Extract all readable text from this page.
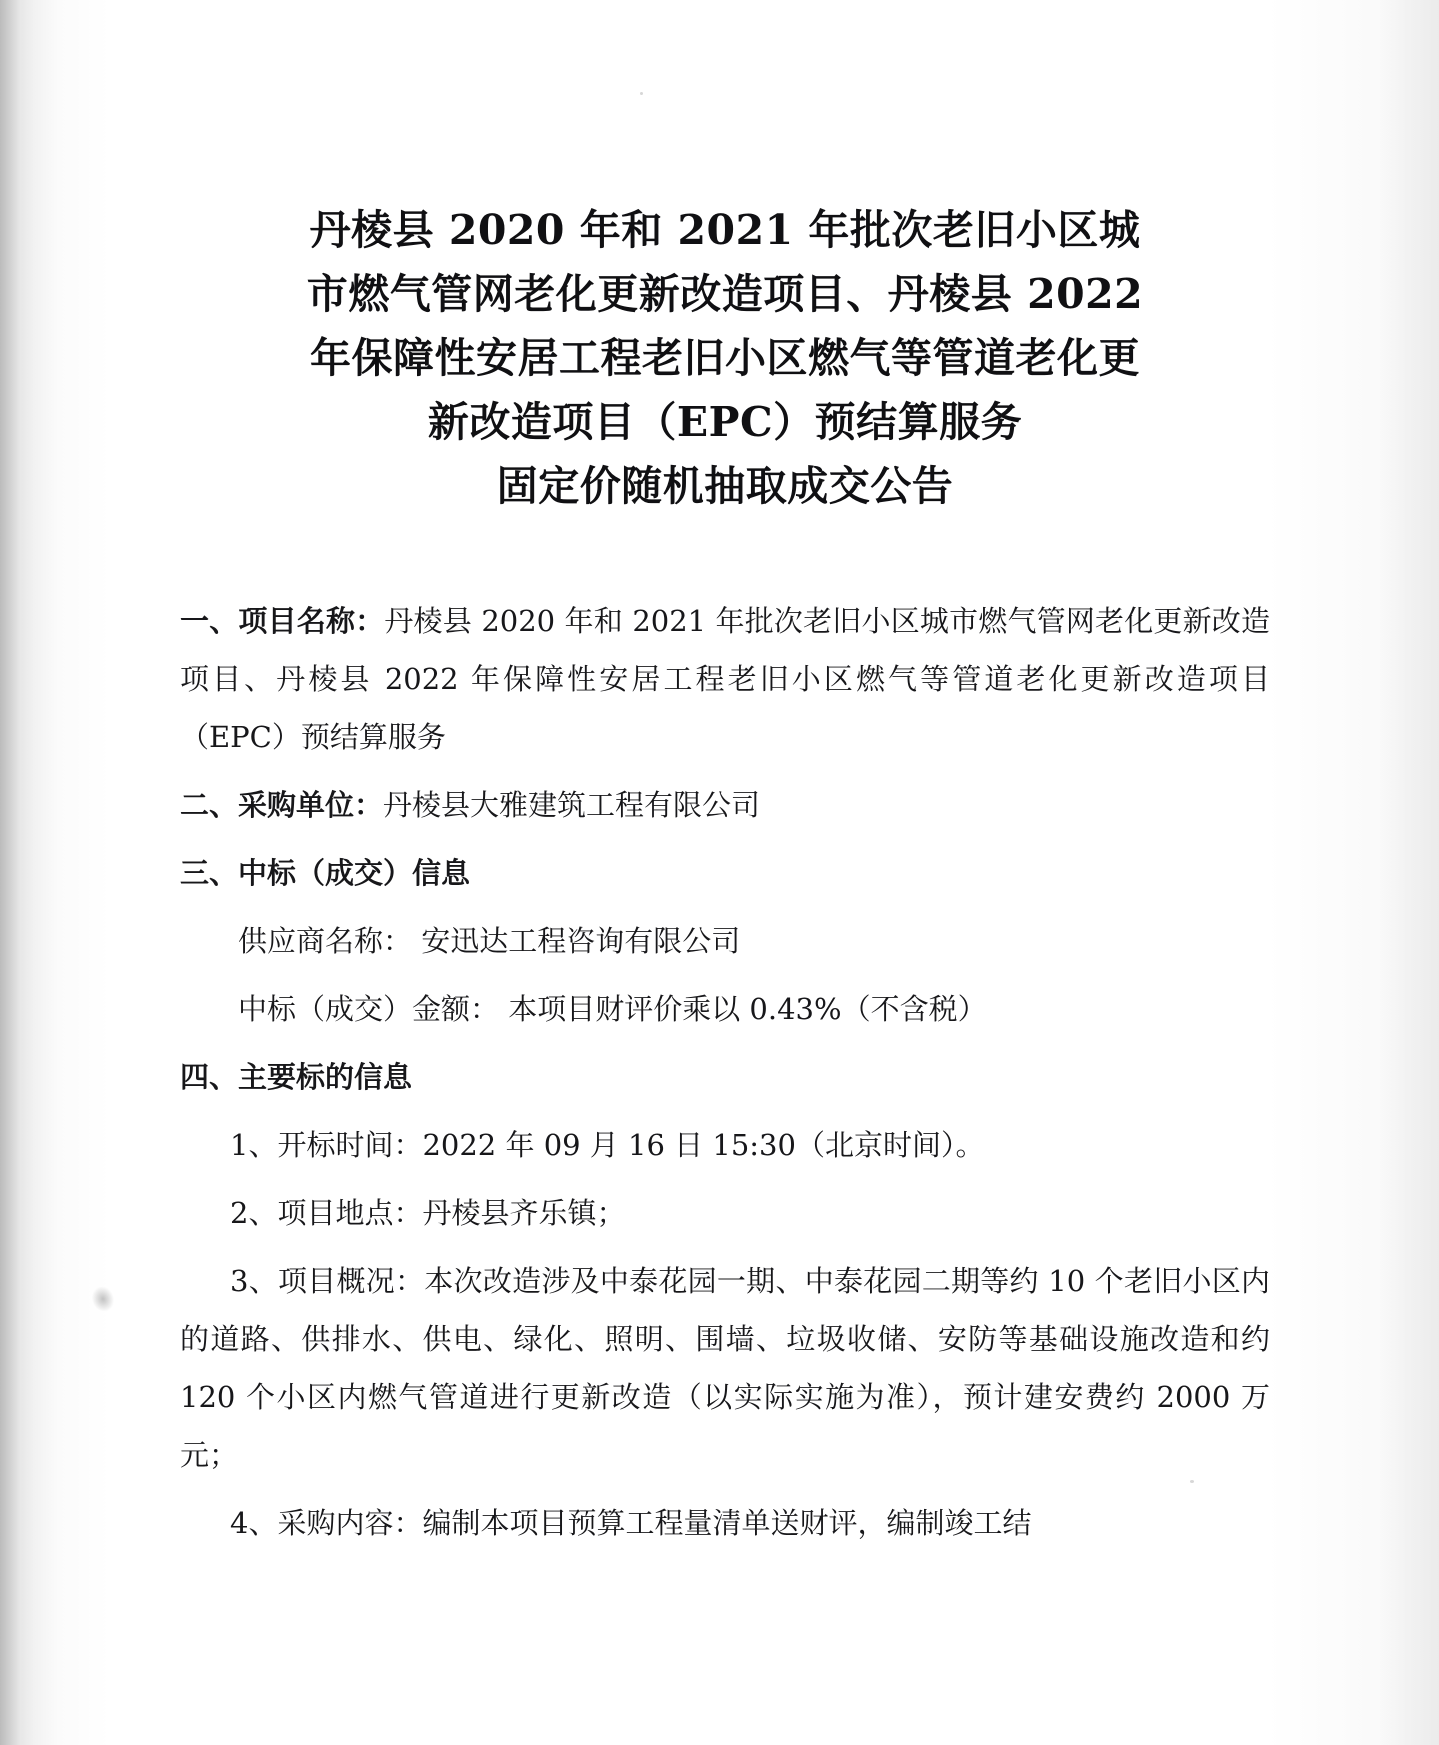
丹棱县 2020 年和 2021 年批次老旧小区城
市燃气管网老化更新改造项目、丹棱县 2022
年保障性安居工程老旧小区燃气等管道老化更
新改造项目（EPC）预结算服务
固定价随机抽取成交公告

一、项目名称：丹棱县 2020 年和 2021 年批次老旧小区城市燃气管网老化更新改造项目、丹棱县 2022 年保障性安居工程老旧小区燃气等管道老化更新改造项目（EPC）预结算服务

二、采购单位：丹棱县大雅建筑工程有限公司

三、中标（成交）信息

供应商名称： 安迅达工程咨询有限公司

中标（成交）金额： 本项目财评价乘以 0.43%（不含税）

四、主要标的信息

1、开标时间：2022 年 09 月 16 日 15:30（北京时间）。

2、项目地点：丹棱县齐乐镇；

3、项目概况：本次改造涉及中泰花园一期、中泰花园二期等约 10 个老旧小区内的道路、供排水、供电、绿化、照明、围墙、垃圾收储、安防等基础设施改造和约 120 个小区内燃气管道进行更新改造（以实际实施为准），预计建安费约 2000 万元；

4、采购内容：编制本项目预算工程量清单送财评，编制竣工结
